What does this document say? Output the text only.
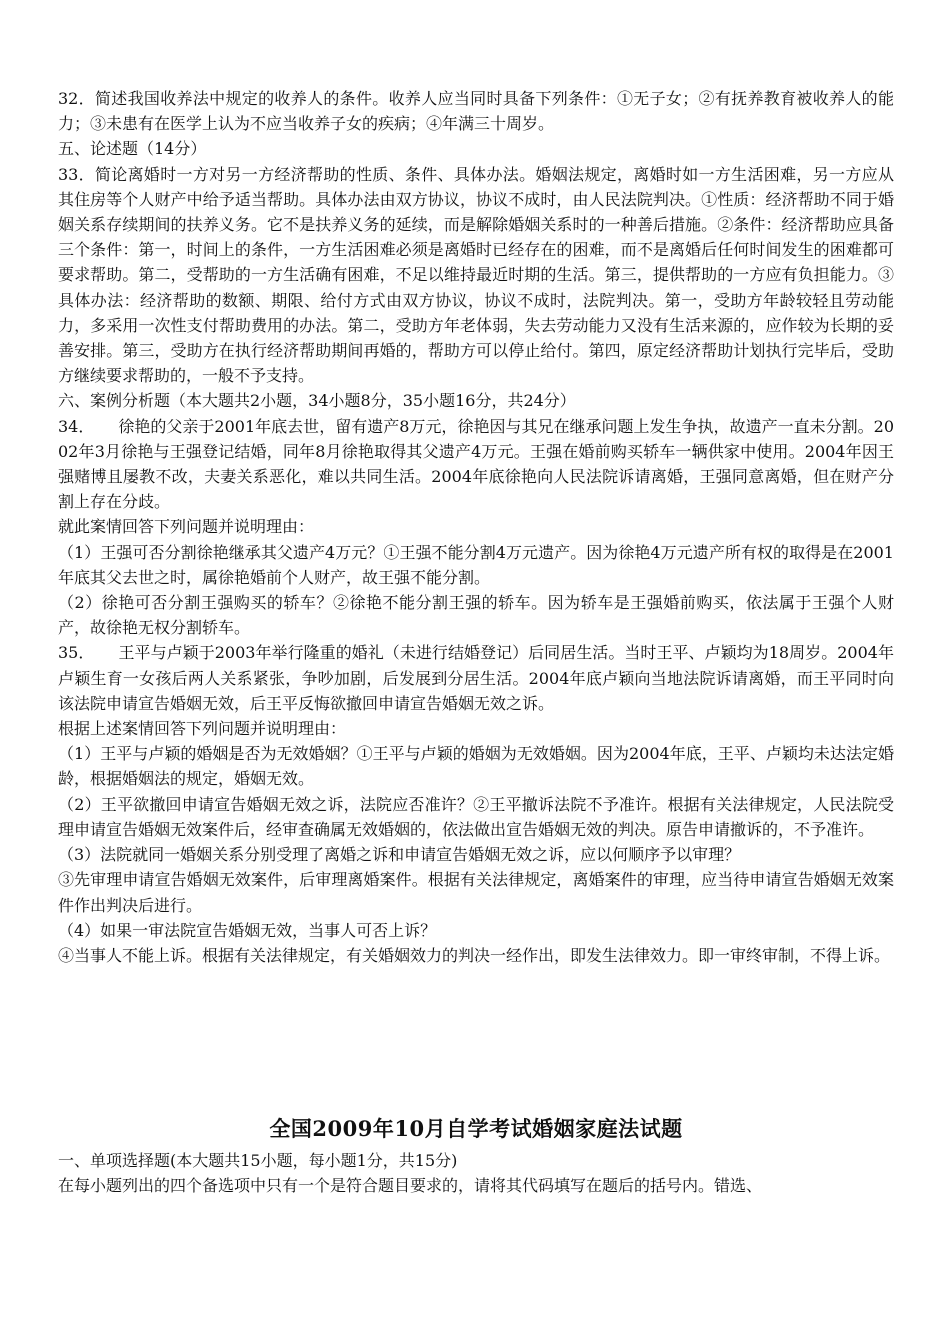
32．简述我国收养法中规定的收养人的条件。收养人应当同时具备下列条件：①无子女；②有抚养教育被收养人的能力；③未患有在医学上认为不应当收养子女的疾病；④年满三十周岁。

五、论述题（14分）

33．简论离婚时一方对另一方经济帮助的性质、条件、具体办法。婚姻法规定，离婚时如一方生活困难，另一方应从其住房等个人财产中给予适当帮助。具体办法由双方协议，协议不成时，由人民法院判决。①性质：经济帮助不同于婚姻关系存续期间的扶养义务。它不是扶养义务的延续，而是解除婚姻关系时的一种善后措施。②条件：经济帮助应具备三个条件：第一，时间上的条件，一方生活困难必须是离婚时已经存在的困难，而不是离婚后任何时间发生的困难都可要求帮助。第二，受帮助的一方生活确有困难，不足以维持最近时期的生活。第三，提供帮助的一方应有负担能力。③具体办法：经济帮助的数额、期限、给付方式由双方协议，协议不成时，法院判决。第一，受助方年龄较轻且劳动能力，多采用一次性支付帮助费用的办法。第二，受助方年老体弱，失去劳动能力又没有生活来源的，应作较为长期的妥善安排。第三，受助方在执行经济帮助期间再婚的，帮助方可以停止给付。第四，原定经济帮助计划执行完毕后，受助方继续要求帮助的，一般不予支持。

六、案例分析题（本大题共2小题，34小题8分，35小题16分，共24分）

34．　　徐艳的父亲于2001年底去世，留有遗产8万元，徐艳因与其兄在继承问题上发生争执，故遗产一直未分割。2002年3月徐艳与王强登记结婚，同年8月徐艳取得其父遗产4万元。王强在婚前购买轿车一辆供家中使用。2004年因王强赌博且屡教不改，夫妻关系恶化，难以共同生活。2004年底徐艳向人民法院诉请离婚，王强同意离婚，但在财产分割上存在分歧。

就此案情回答下列问题并说明理由：

（1）王强可否分割徐艳继承其父遗产4万元？①王强不能分割4万元遗产。因为徐艳4万元遗产所有权的取得是在2001年底其父去世之时，属徐艳婚前个人财产，故王强不能分割。

（2）徐艳可否分割王强购买的轿车？②徐艳不能分割王强的轿车。因为轿车是王强婚前购买，依法属于王强个人财产，故徐艳无权分割轿车。

35．　　王平与卢颖于2003年举行隆重的婚礼（未进行结婚登记）后同居生活。当时王平、卢颖均为18周岁。2004年卢颖生育一女孩后两人关系紧张，争吵加剧，后发展到分居生活。2004年底卢颖向当地法院诉请离婚，而王平同时向该法院申请宣告婚姻无效，后王平反悔欲撤回申请宣告婚姻无效之诉。

根据上述案情回答下列问题并说明理由：

（1）王平与卢颖的婚姻是否为无效婚姻？①王平与卢颖的婚姻为无效婚姻。因为2004年底，王平、卢颖均未达法定婚龄，根据婚姻法的规定，婚姻无效。

（2）王平欲撤回申请宣告婚姻无效之诉，法院应否准许？②王平撤诉法院不予准许。根据有关法律规定，人民法院受理申请宣告婚姻无效案件后，经审查确属无效婚姻的，依法做出宣告婚姻无效的判决。原告申请撤诉的，不予准许。

（3）法院就同一婚姻关系分别受理了离婚之诉和申请宣告婚姻无效之诉，应以何顺序予以审理？

③先审理申请宣告婚姻无效案件，后审理离婚案件。根据有关法律规定，离婚案件的审理，应当待申请宣告婚姻无效案件作出判决后进行。

（4）如果一审法院宣告婚姻无效，当事人可否上诉？

④当事人不能上诉。根据有关法律规定，有关婚姻效力的判决一经作出，即发生法律效力。即一审终审制，不得上诉。

全国2009年10月自学考试婚姻家庭法试题

一、单项选择题(本大题共15小题，每小题1分，共15分)

在每小题列出的四个备选项中只有一个是符合题目要求的，请将其代码填写在题后的括号内。错选、
